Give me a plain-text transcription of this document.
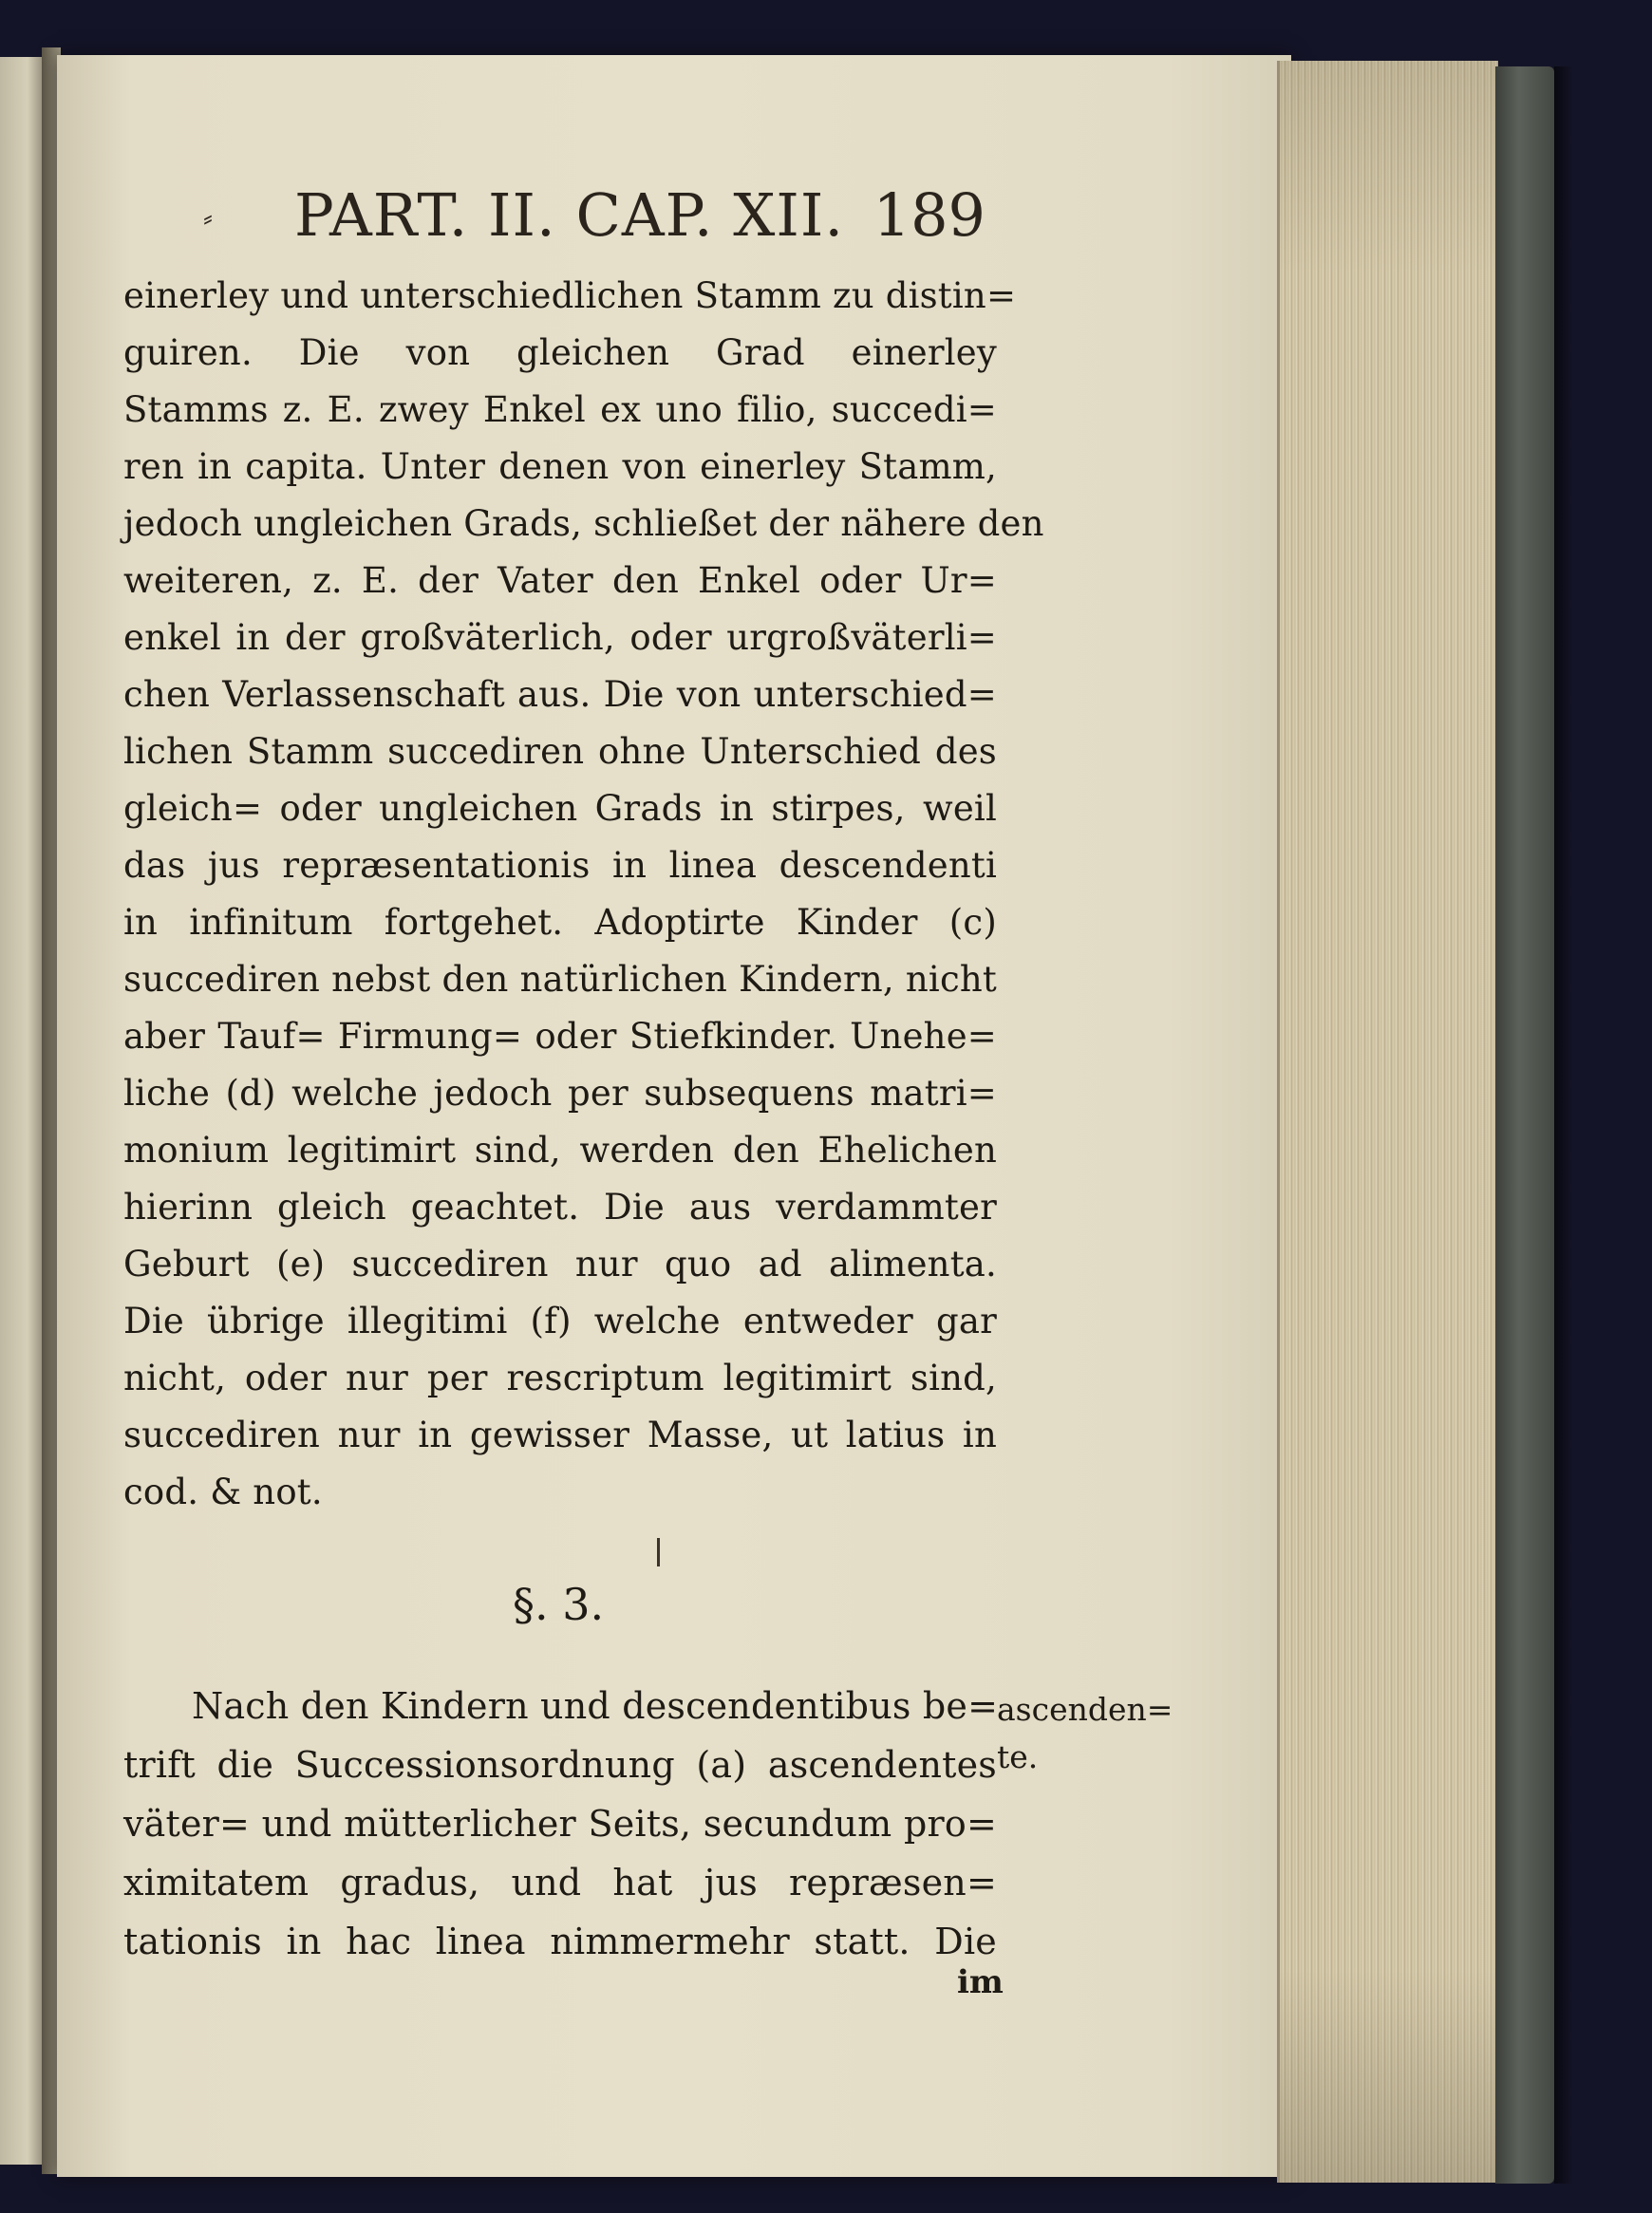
⸗ PART. II. CAP. XII. 189
einerley und unterschiedlichen Stamm zu distin=
guiren. Die von gleichen Grad einerley
Stamms z. E. zwey Enkel ex uno filio, succedi=
ren in capita. Unter denen von einerley Stamm,
jedoch ungleichen Grads, schließet der nähere den
weiteren, z. E. der Vater den Enkel oder Ur=
enkel in der großväterlich, oder urgroßväterli=
chen Verlassenschaft aus. Die von unterschied=
lichen Stamm succediren ohne Unterschied des
gleich= oder ungleichen Grads in stirpes, weil
das jus repræsentationis in linea descendenti
in infinitum fortgehet. Adoptirte Kinder (c)
succediren nebst den natürlichen Kindern, nicht
aber Tauf= Firmung= oder Stiefkinder. Unehe=
liche (d) welche jedoch per subsequens matri=
monium legitimirt sind, werden den Ehelichen
hierinn gleich geachtet. Die aus verdammter
Geburt (e) succediren nur quo ad alimenta.
Die übrige illegitimi (f) welche entweder gar
nicht, oder nur per rescriptum legitimirt sind,
succediren nur in gewisser Masse, ut latius in
cod. & not.
§. 3.
Nach den Kindern und descendentibus be=
trift die Successionsordnung (a) ascendentes
väter= und mütterlicher Seits, secundum pro=
ximitatem gradus, und hat jus repræsen=
tationis in hac linea nimmermehr statt. Die
ascenden=
te.
im
